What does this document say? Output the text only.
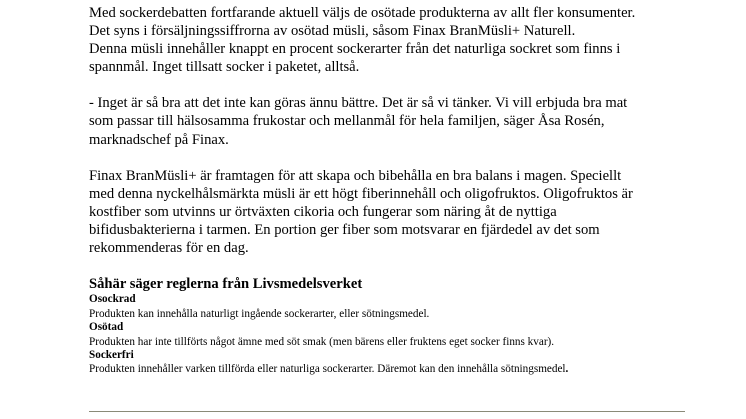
Med sockerdebatten fortfarande aktuell väljs de osötade produkterna av allt fler konsumenter.
Det syns i försäljningssiffrorna av osötad müsli, såsom Finax BranMüsli+ Naturell.
Denna müsli innehåller knappt en procent sockerarter från det naturliga sockret som finns i
spannmål. Inget tillsatt socker i paketet, alltså.
- Inget är så bra att det inte kan göras ännu bättre. Det är så vi tänker. Vi vill erbjuda bra mat
som passar till hälsosamma frukostar och mellanmål för hela familjen, säger Åsa Rosén,
marknadschef på Finax.
Finax BranMüsli+ är framtagen för att skapa och bibehålla en bra balans i magen. Speciellt
med denna nyckelhålsmärkta müsli är ett högt fiberinnehåll och oligofruktos. Oligofruktos är
kostfiber som utvinns ur örtväxten cikoria och fungerar som näring åt de nyttiga
bifidusbakterierna i tarmen. En portion ger fiber som motsvarar en fjärdedel av det som
rekommenderas för en dag.
Såhär säger reglerna från Livsmedelsverket
Osockrad
Produkten kan innehålla naturligt ingående sockerarter, eller sötningsmedel.
Osötad
Produkten har inte tillförts något ämne med söt smak (men bärens eller fruktens eget socker finns kvar).
Sockerfri
Produkten innehåller varken tillförda eller naturliga sockerarter. Däremot kan den innehålla sötningsmedel.
